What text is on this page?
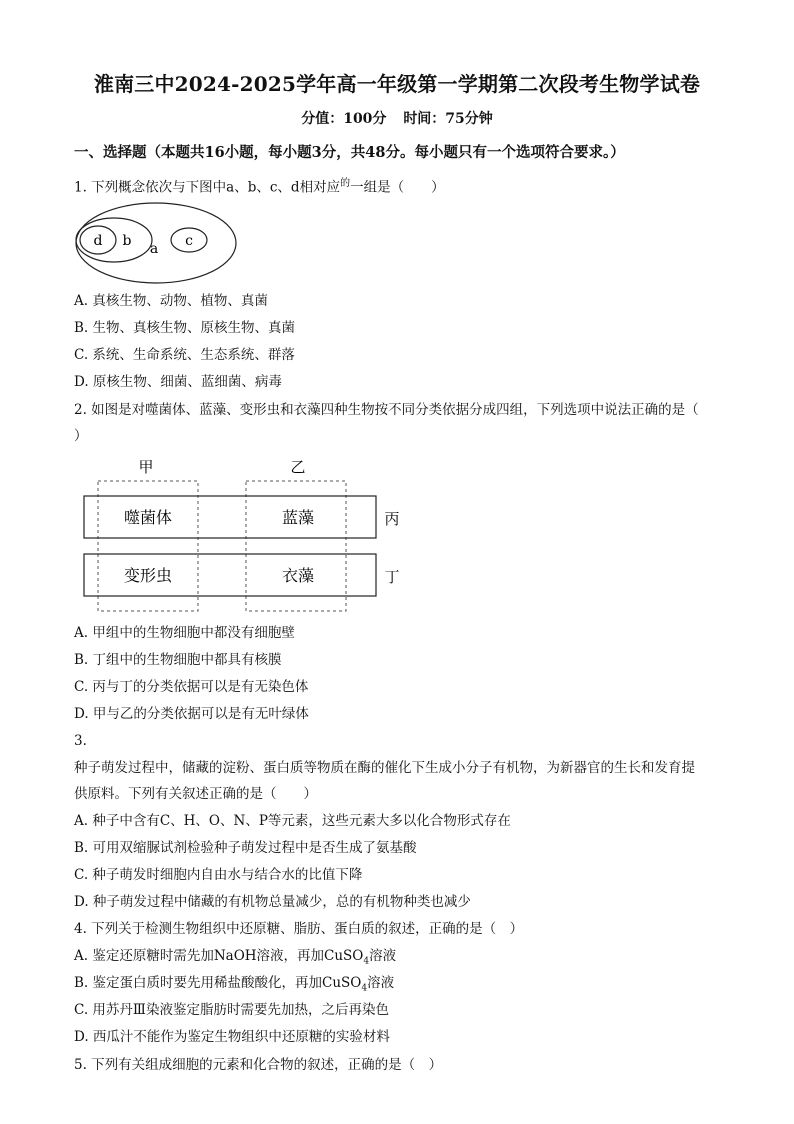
淮南三中2024-2025学年高一年级第一学期第二次段考生物学试卷
分值：100分 时间：75分钟
一、选择题（本题共16小题，每小题3分，共48分。每小题只有一个选项符合要求。）
1. 下列概念依次与下图中a、b、c、d相对应$^的$一组是（　　）
d b a c
A. 真核生物、动物、植物、真菌
B. 生物、真核生物、原核生物、真菌
C. 系统、生命系统、生态系统、群落
D. 原核生物、细菌、蓝细菌、病毒
2. 如图是对噬菌体、蓝藻、变形虫和衣藻四种生物按不同分类依据分成四组，下列选项中说法正确的是（
）
甲	乙
丙
丁
噬菌体	蓝藻
变形虫	衣藻
A. 甲组中的生物细胞中都没有细胞壁
B. 丁组中的生物细胞中都具有核膜
C. 丙与丁的分类依据可以是有无染色体
D. 甲与乙的分类依据可以是有无叶绿体
3.
种子萌发过程中，储藏的淀粉、蛋白质等物质在酶的催化下生成小分子有机物，为新器官的生长和发育提
供原料。下列有关叙述正确的是（　　）
A. 种子中含有C、H、O、N、P等元素，这些元素大多以化合物形式存在
B. 可用双缩脲试剂检验种子萌发过程中是否生成了氨基酸
C. 种子萌发时细胞内自由水与结合水的比值下降
D. 种子萌发过程中储藏的有机物总量减少，总的有机物种类也减少
4. 下列关于检测生物组织中还原糖、脂肪、蛋白质的叙述，正确的是（　）
A. 鉴定还原糖时需先加NaOH溶液，再加CuSO$_4$溶液
B. 鉴定蛋白质时要先用稀盐酸酸化，再加CuSO$_4$溶液
C. 用苏丹Ⅲ染液鉴定脂肪时需要先加热，之后再染色
D. 西瓜汁不能作为鉴定生物组织中还原糖的实验材料
5. 下列有关组成细胞的元素和化合物的叙述，正确的是（　）
